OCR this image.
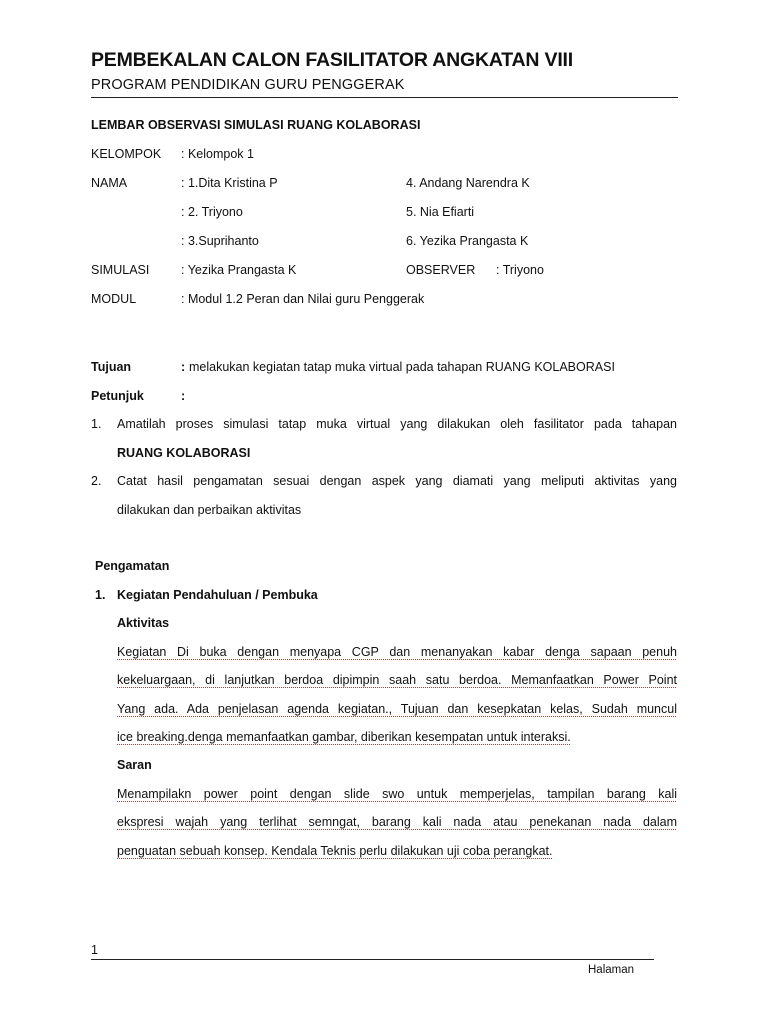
PEMBEKALAN CALON FASILITATOR ANGKATAN VIII
PROGRAM PENDIDIKAN GURU PENGGERAK
LEMBAR OBSERVASI SIMULASI RUANG KOLABORASI
KELOMPOK : Kelompok 1
NAMA	: 1.Dita Kristina P	4. Andang Narendra K
: 2. Triyono	5. Nia Efiarti
: 3.Suprihanto	6. Yezika Prangasta K
SIMULASI	: Yezika Prangasta K	OBSERVER : Triyono
MODUL	: Modul 1.2 Peran dan Nilai guru Penggerak
Tujuan	: melakukan kegiatan tatap muka virtual pada tahapan RUANG KOLABORASI
Petunjuk	:
1. Amatilah proses simulasi tatap muka virtual yang dilakukan oleh fasilitator pada tahapan
RUANG KOLABORASI
2. Catat hasil pengamatan sesuai dengan aspek yang diamati yang meliputi aktivitas yang
dilakukan dan perbaikan aktivitas
Pengamatan
1. Kegiatan Pendahuluan / Pembuka
Aktivitas
Kegiatan Di buka dengan menyapa CGP dan menanyakan kabar denga sapaan penuh
kekeluargaan, di lanjutkan berdoa dipimpin saah satu berdoa. Memanfaatkan Power Point
Yang ada. Ada penjelasan agenda kegiatan., Tujuan dan kesepkatan kelas, Sudah muncul
ice breaking.denga memanfaatkan gambar, diberikan kesempatan untuk interaksi.
Saran
Menampilakn power point dengan slide swo untuk memperjelas, tampilan barang kali
ekspresi wajah yang terlihat semngat, barang kali nada atau penekanan nada dalam
penguatan sebuah konsep. Kendala Teknis perlu dilakukan uji coba perangkat.
1
Halaman
